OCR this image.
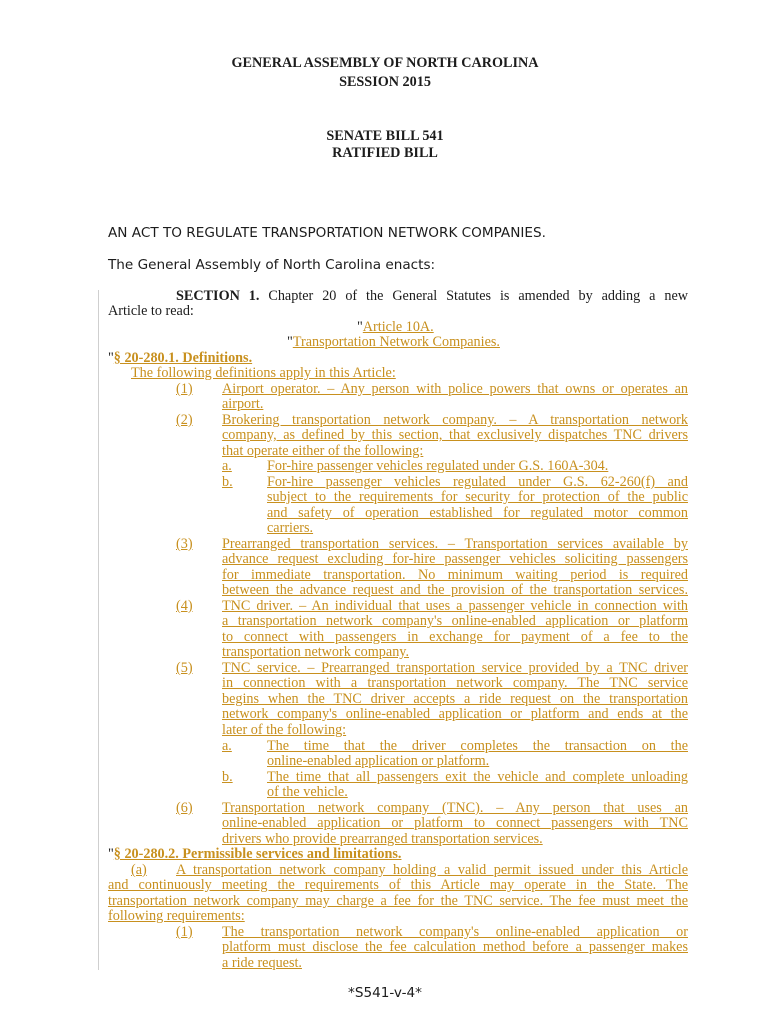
GENERAL ASSEMBLY OF NORTH CAROLINA
SESSION 2015
SENATE BILL 541
RATIFIED BILL
AN ACT TO REGULATE TRANSPORTATION NETWORK COMPANIES.
The General Assembly of North Carolina enacts:
SECTION 1. Chapter 20 of the General Statutes is amended by adding a new
Article to read:
"Article 10A.
"Transportation Network Companies.
"§ 20-280.1. Definitions.
The following definitions apply in this Article:
(1) Airport operator. – Any person with police powers that owns or operates an
airport.
(2) Brokering transportation network company. – A transportation network
company, as defined by this section, that exclusively dispatches TNC drivers
that operate either of the following:
a. For-hire passenger vehicles regulated under G.S. 160A-304.
b. For-hire passenger vehicles regulated under G.S. 62-260(f) and
subject to the requirements for security for protection of the public
and safety of operation established for regulated motor common
carriers.
(3) Prearranged transportation services. – Transportation services available by
advance request excluding for-hire passenger vehicles soliciting passengers
for immediate transportation. No minimum waiting period is required
between the advance request and the provision of the transportation services.
(4) TNC driver. – An individual that uses a passenger vehicle in connection with
a transportation network company's online-enabled application or platform
to connect with passengers in exchange for payment of a fee to the
transportation network company.
(5) TNC service. – Prearranged transportation service provided by a TNC driver
in connection with a transportation network company. The TNC service
begins when the TNC driver accepts a ride request on the transportation
network company's online-enabled application or platform and ends at the
later of the following:
a. The time that the driver completes the transaction on the
online-enabled application or platform.
b. The time that all passengers exit the vehicle and complete unloading
of the vehicle.
(6) Transportation network company (TNC). – Any person that uses an
online-enabled application or platform to connect passengers with TNC
drivers who provide prearranged transportation services.
"§ 20-280.2. Permissible services and limitations.
(a) A transportation network company holding a valid permit issued under this Article
and continuously meeting the requirements of this Article may operate in the State. The
transportation network company may charge a fee for the TNC service. The fee must meet the
following requirements:
(1) The transportation network company's online-enabled application or
platform must disclose the fee calculation method before a passenger makes
a ride request.
*S541-v-4*
